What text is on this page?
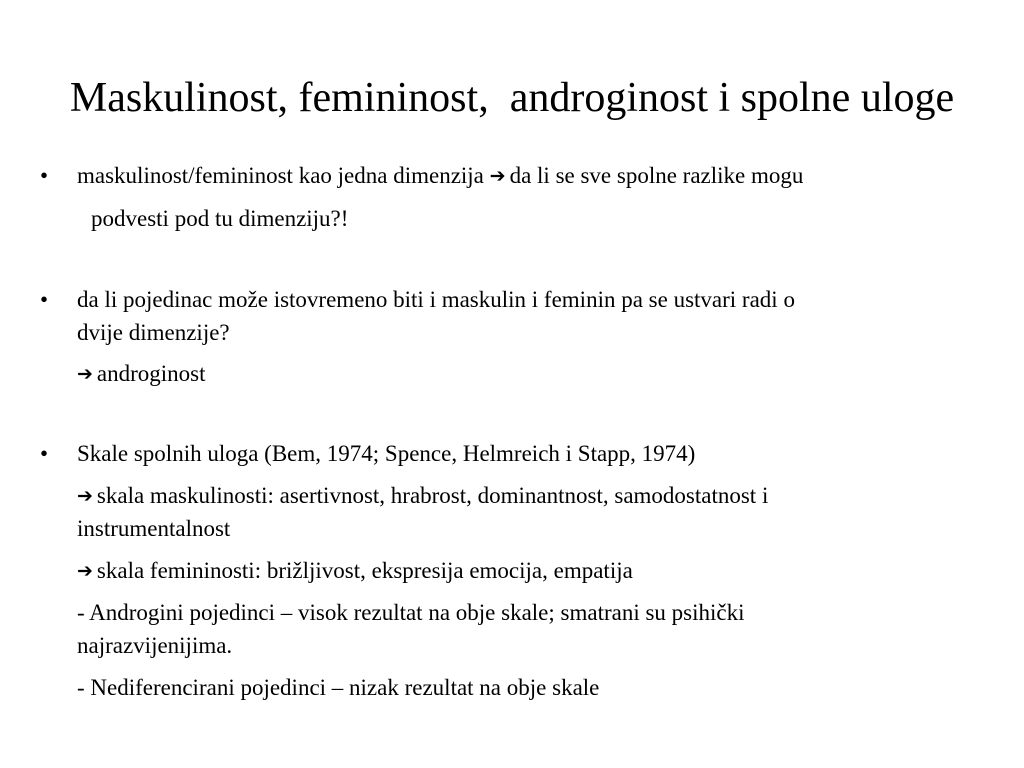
Maskulinost, femininost,  androginost i spolne uloge
• maskulinost/femininost kao jedna dimenzija ➔ da li se sve spolne razlike mogu
podvesti pod tu dimenziju?!
• da li pojedinac može istovremeno biti i maskulin i feminin pa se ustvari radi o
dvije dimenzije?
➔ androginost
• Skale spolnih uloga (Bem, 1974; Spence, Helmreich i Stapp, 1974)
➔ skala maskulinosti: asertivnost, hrabrost, dominantnost, samodostatnost i
instrumentalnost
➔ skala femininosti: brižljivost, ekspresija emocija, empatija
- Androgini pojedinci – visok rezultat na obje skale; smatrani su psihički
najrazvijenijima.
- Nediferencirani pojedinci – nizak rezultat na obje skale
